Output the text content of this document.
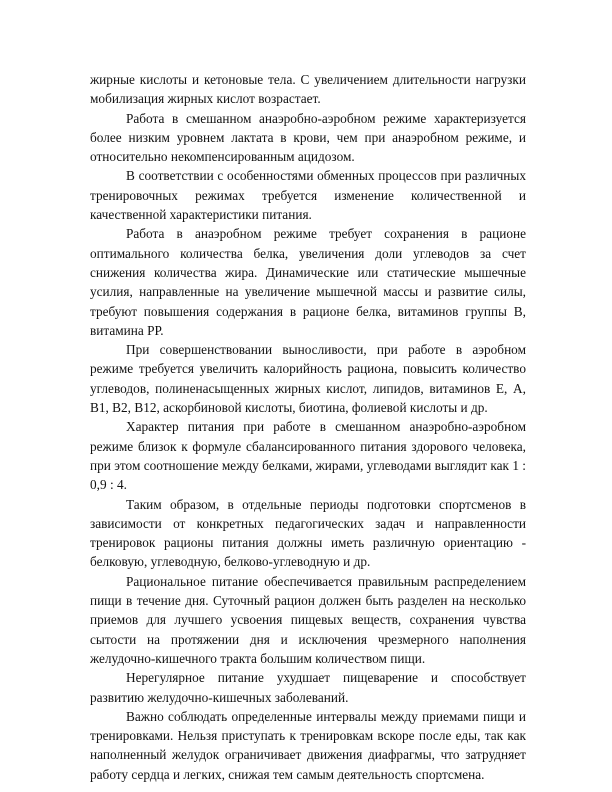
жирные кислоты и кетоновые тела. С увеличением длительности нагрузки мобилизация жирных кислот возрастает.

Работа в смешанном анаэробно-аэробном режиме характеризуется более низким уровнем лактата в крови, чем при анаэробном режиме, и относительно некомпенсированным ацидозом.

В соответствии с особенностями обменных процессов при различных тренировочных режимах требуется изменение количественной и качественной характеристики питания.

Работа в анаэробном режиме требует сохранения в рационе оптимального количества белка, увеличения доли углеводов за счет снижения количества жира. Динамические или статические мышечные усилия, направленные на увеличение мышечной массы и развитие силы, требуют повышения содержания в рационе белка, витаминов группы В, витамина РР.

При совершенствовании выносливости, при работе в аэробном режиме требуется увеличить калорийность рациона, повысить количество углеводов, полиненасыщенных жирных кислот, липидов, витаминов Е, А, В1, В2, В12, аскорбиновой кислоты, биотина, фолиевой кислоты и др.

Характер питания при работе в смешанном анаэробно-аэробном режиме близок к формуле сбалансированного питания здорового человека, при этом соотношение между белками, жирами, углеводами выглядит как 1 : 0,9 : 4.

Таким образом, в отдельные периоды подготовки спортсменов в зависимости от конкретных педагогических задач и направленности тренировок рационы питания должны иметь различную ориентацию - белковую, углеводную, белково-углеводную и др.

Рациональное питание обеспечивается правильным распределением пищи в течение дня. Суточный рацион должен быть разделен на несколько приемов для лучшего усвоения пищевых веществ, сохранения чувства сытости на протяжении дня и исключения чрезмерного наполнения желудочно-кишечного тракта большим количеством пищи.

Нерегулярное питание ухудшает пищеварение и способствует развитию желудочно-кишечных заболеваний.

Важно соблюдать определенные интервалы между приемами пищи и тренировками. Нельзя приступать к тренировкам вскоре после еды, так как наполненный желудок ограничивает движения диафрагмы, что затрудняет работу сердца и легких, снижая тем самым деятельность спортсмена.
